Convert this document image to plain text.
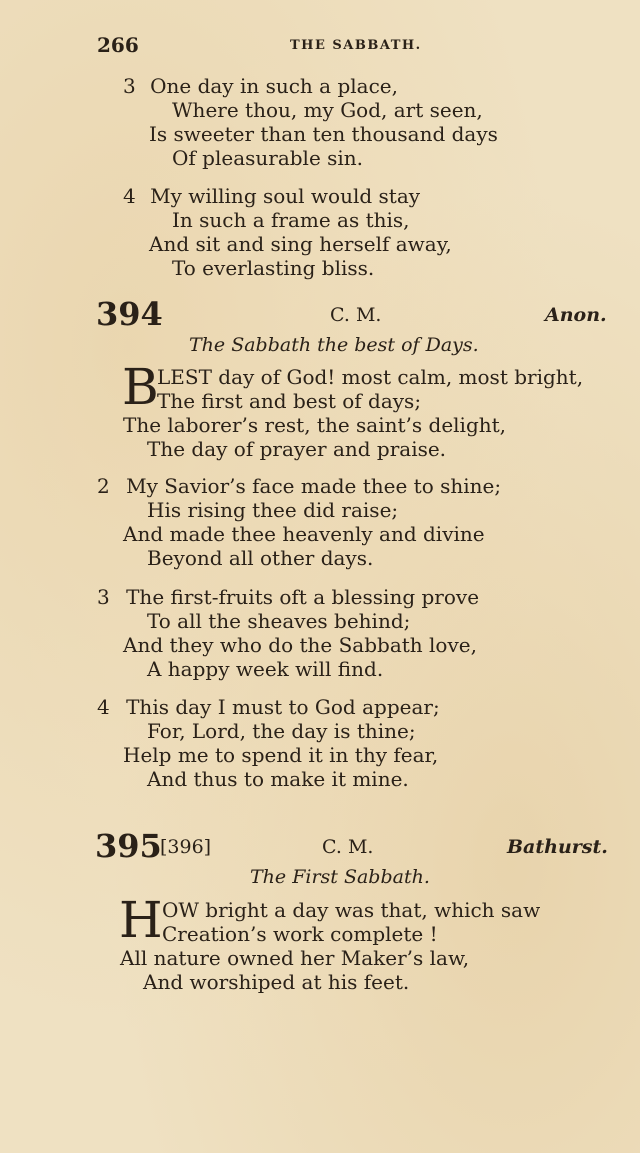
266	THE SABBATH.
3 One day in such a place,
Where thou, my God, art seen,
Is sweeter than ten thousand days
Of pleasurable sin.
4 My willing soul would stay
In such a frame as this,
And sit and sing herself away,
To everlasting bliss.
394	C. M.	Anon.
The Sabbath the best of Days.
B
LEST day of God! most calm, most bright,
The first and best of days;
The laborer’s rest, the saint’s delight,
The day of prayer and praise.
2 My Savior’s face made thee to shine;
His rising thee did raise;
And made thee heavenly and divine
Beyond all other days.
3 The first-fruits oft a blessing prove
To all the sheaves behind;
And they who do the Sabbath love,
A happy week will find.
4 This day I must to God appear;
For, Lord, the day is thine;
Help me to spend it in thy fear,
And thus to make it mine.
395
[396]	C. M.	Bathurst.
The First Sabbath.
H OW bright a day was that, which saw
Creation’s work complete !
All nature owned her Maker’s law,
And worshiped at his feet.
